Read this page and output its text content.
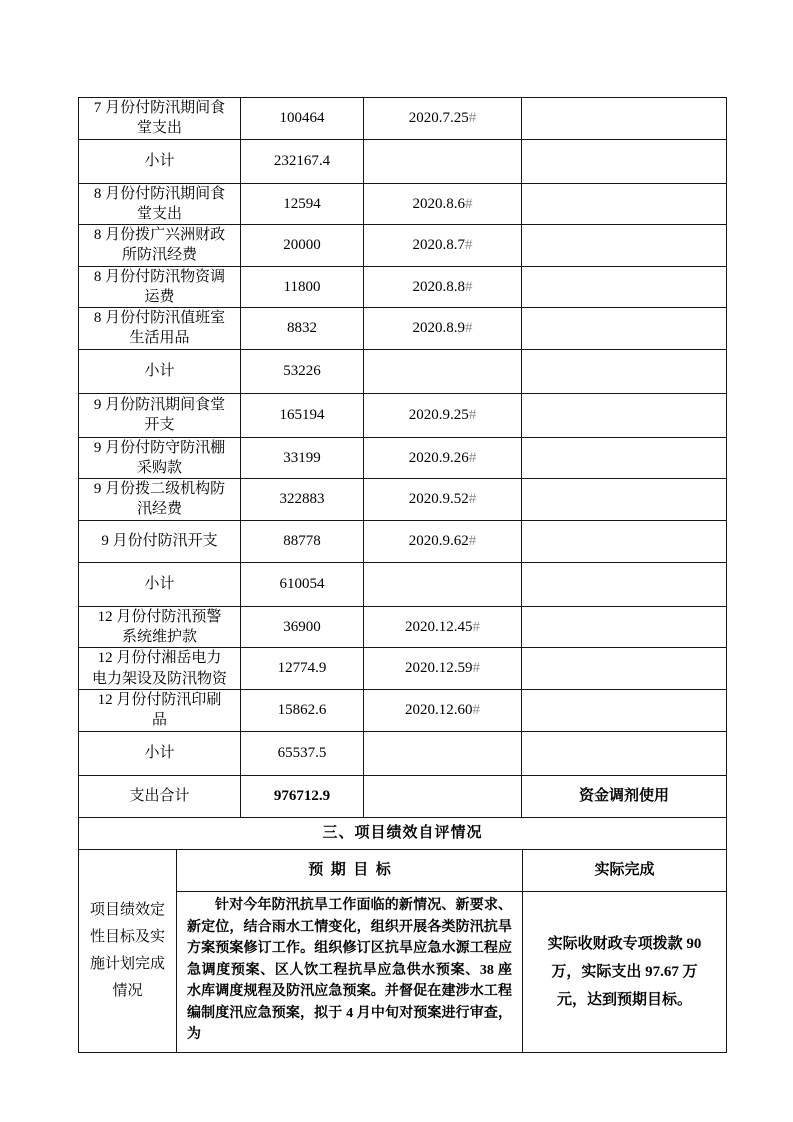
7 月份付防汛期间食堂支出	100464	2020.7.25#	
小计	232167.4		
8 月份付防汛期间食堂支出	12594	2020.8.6#	
8 月份拨广兴洲财政所防汛经费	20000	2020.8.7#	
8 月份付防汛物资调运费	11800	2020.8.8#	
8 月份付防汛值班室生活用品	8832	2020.8.9#	
小计	53226		
9 月份防汛期间食堂开支	165194	2020.9.25#	
9 月份付防守防汛棚采购款	33199	2020.9.26#	
9 月份拨二级机构防汛经费	322883	2020.9.52#	
9 月份付防汛开支	88778	2020.9.62#	
小计	610054		
12 月份付防汛预警系统维护款	36900	2020.12.45#	
12 月份付湘岳电力电力架设及防汛物资	12774.9	2020.12.59#	
12 月份付防汛印刷品	15862.6	2020.12.60#	
小计	65537.5		
支出合计	976712.9		资金调剂使用
三、项目绩效自评情况			
项目绩效定性目标及实施计划完成情况	预期目标	实际完成
	针对今年防汛抗旱工作面临的新情况、新要求、新定位，结合雨水工情变化，组织开展各类防汛抗旱方案预案修订工作。组织修订区抗旱应急水源工程应急调度预案、区人饮工程抗旱应急供水预案、38 座水库调度规程及防汛应急预案。并督促在建涉水工程编制度汛应急预案，拟于 4 月中旬对预案进行审查，为	实际收财政专项拨款 90 万，实际支出 97.67 万元，达到预期目标。
